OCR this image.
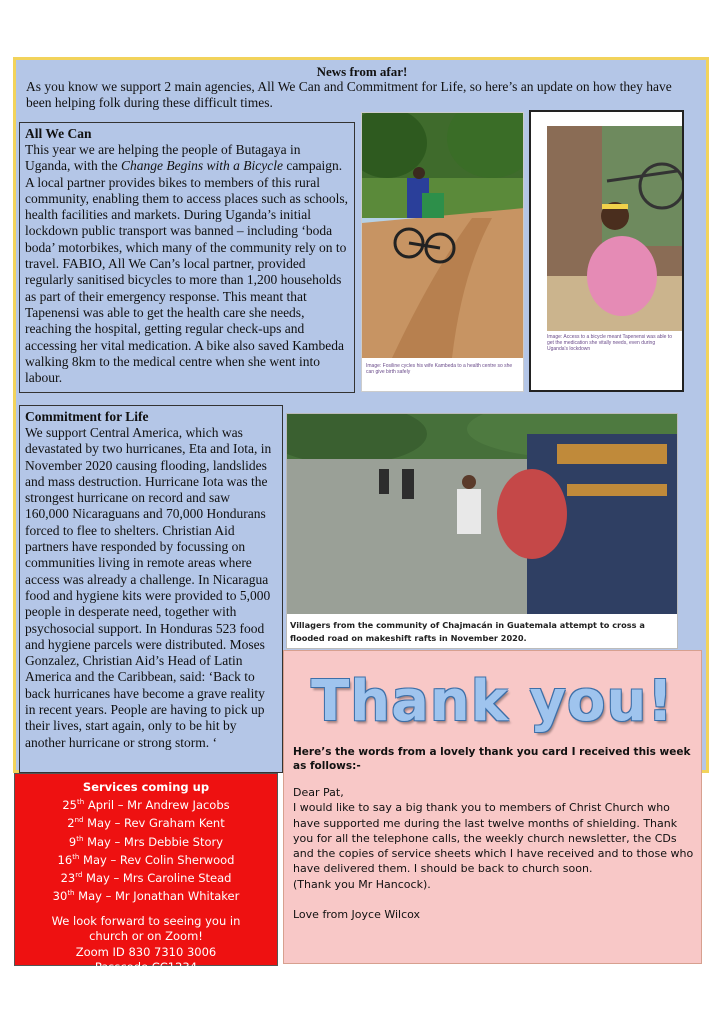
News from afar!
As you know we support 2 main agencies, All We Can and Commitment for Life, so here’s an update on how they have been helping folk during these difficult times.
All We Can

This year we are helping the people of Butagaya in Uganda, with the Change Begins with a Bicycle campaign. A local partner provides bikes to members of this rural community, enabling them to access places such as schools, health facilities and markets. During Uganda’s initial lockdown public transport was banned – including ‘boda boda’ motorbikes, which many of the community rely on to travel. FABIO, All We Can’s local partner, provided regularly sanitised bicycles to more than 1,200 households as part of their emergency response. This meant that Tapenensi was able to get the health care she needs, reaching the hospital, getting regular check-ups and accessing her vital medication. A bike also saved Kambeda walking 8km to the medical centre when she went into labour.

Image: Fosiline cycles his wife Kambeda to a health centre so she can give birth safely
Image: Access to a bicycle meant Tapenensi was able to get the medication she vitally needs, even during Uganda's lockdown
Commitment for Life

We support Central America, which was devastated by two hurricanes, Eta and Iota, in November 2020 causing flooding, landslides and mass destruction. Hurricane Iota was the strongest hurricane on record and saw 160,000 Nicaraguans and 70,000 Hondurans forced to flee to shelters. Christian Aid partners have responded by focussing on communities living in remote areas where access was already a challenge. In Nicaragua food and hygiene kits were provided to 5,000 people in desperate need, together with psychosocial support. In Honduras 523 food and hygiene parcels were distributed. Moses Gonzalez, Christian Aid’s Head of Latin America and the Caribbean, said: ‘Back to back hurricanes have become a grave reality in recent years. People are having to pick up their lives, start again, only to be hit by another hurricane or strong storm. ‘

Villagers from the community of Chajmacán in Guatemala attempt to cross a flooded road on makeshift rafts in November 2020.
Services coming up
25th April – Mr Andrew Jacobs
2nd May – Rev Graham Kent
9th May – Mrs Debbie Story
16th May – Rev Colin Sherwood
23rd May – Mrs Caroline Stead
30th May – Mr Jonathan Whitaker
We look forward to seeing you in
church or on Zoom!
Zoom ID 830 7310 3006
Passcode CC1234
Thank you!
Here’s the words from a lovely thank you card I received this week as follows:-

Dear Pat,

I would like to say a big thank you to members of Christ Church who have supported me during the last twelve months of shielding. Thank you for all the telephone calls, the weekly church newsletter, the CDs and the copies of service sheets which I have received and to those who have delivered them. I should be back to church soon.

(Thank you Mr Hancock).

Love from Joyce Wilcox
